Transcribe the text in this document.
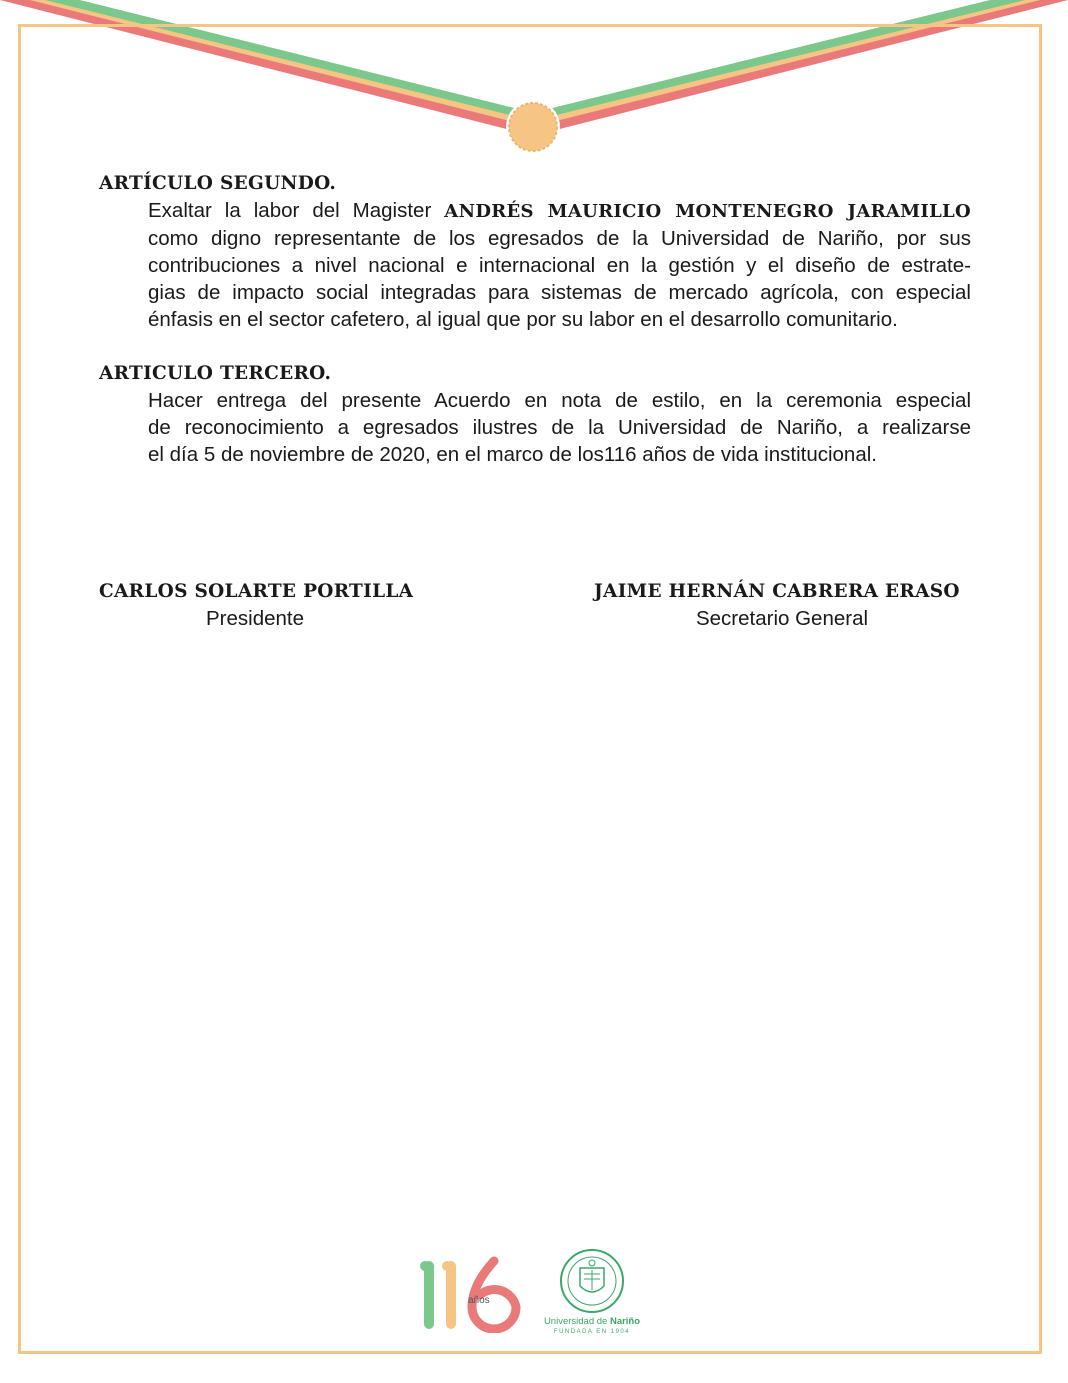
ARTÍCULO SEGUNDO.

Exaltar la labor del Magister ANDRÉS MAURICIO MONTENEGRO JARAMILLO
como digno representante de los egresados de la Universidad de Nariño, por sus
contribuciones a nivel nacional e internacional en la gestión y el diseño de estrate-
gias de impacto social integradas para sistemas de mercado agrícola, con especial
énfasis en el sector cafetero, al igual que por su labor en el desarrollo comunitario.

ARTICULO TERCERO.

Hacer entrega del presente Acuerdo en nota de estilo, en la ceremonia especial
de reconocimiento a egresados ilustres de la Universidad de Nariño, a realizarse
el día 5 de noviembre de 2020, en el marco de los116 años de vida institucional.
CARLOS SOLARTE PORTILLA
Presidente
JAIME HERNÁN CABRERA ERASO
Secretario General
años
Universidad de Nariño
FUNDADA EN 1904
